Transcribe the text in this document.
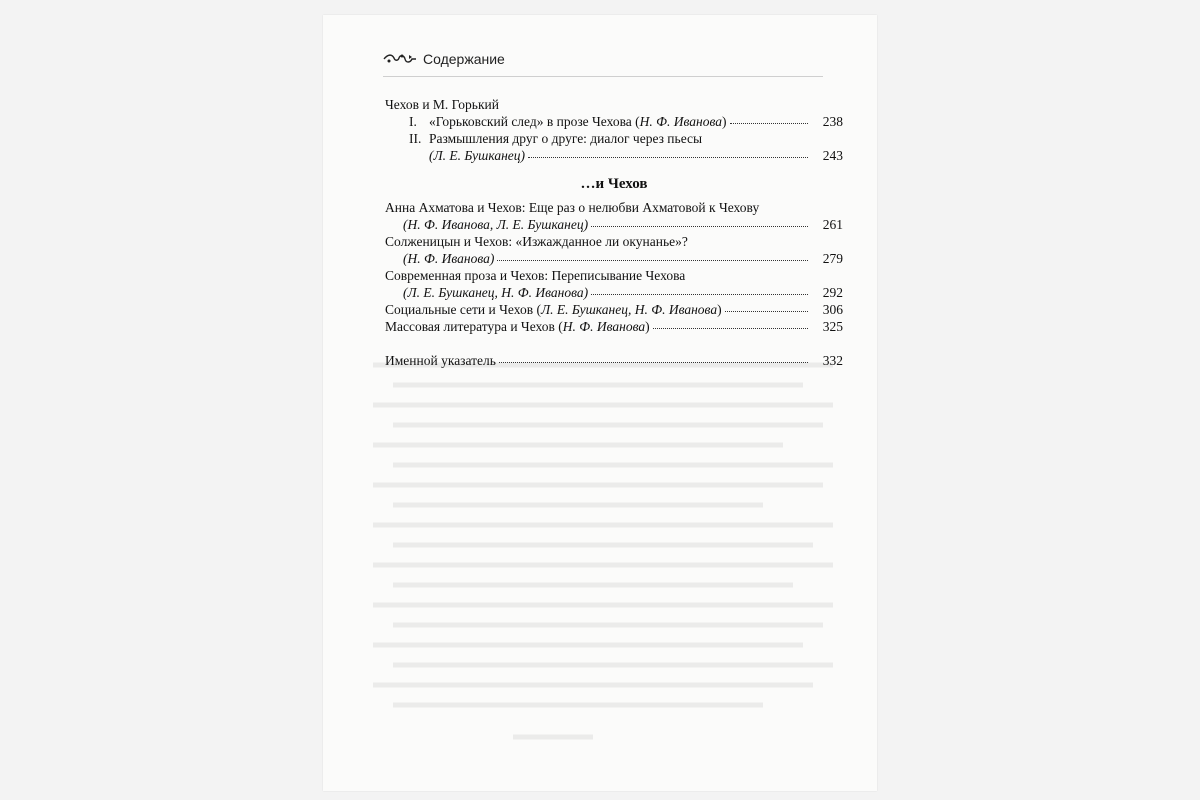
Содержание
Чехов и М. Горький
I. «Горьковский след» в прозе Чехова ( Н. Ф. Иванова )	238
II. Размышления друг о друге: диалог через пьесы
(Л. Е. Бушканец)	243
…и Чехов
Анна Ахматова и Чехов: Еще раз о нелюбви Ахматовой к Чехову
(Н. Ф. Иванова, Л. Е. Бушканец)	261
Солженицын и Чехов: «Изжажданное ли окунанье»?
(Н. Ф. Иванова)	279
Современная проза и Чехов: Переписывание Чехова
(Л. Е. Бушканец, Н. Ф. Иванова)	292
Социальные сети и Чехов ( Л. Е. Бушканец, Н. Ф. Иванова )	306
Массовая литература и Чехов ( Н. Ф. Иванова )	325
Именной указатель	332
